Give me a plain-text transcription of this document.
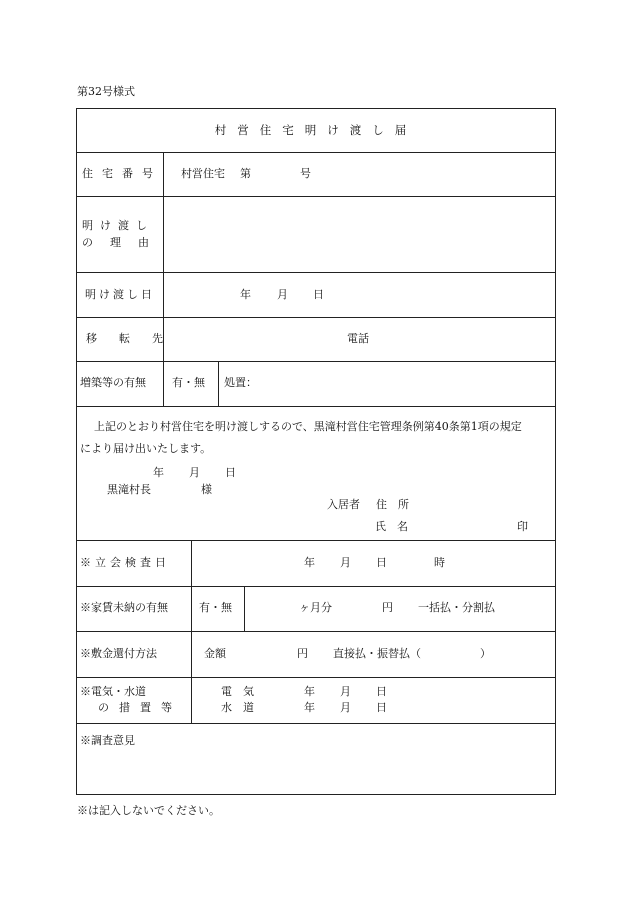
第32号様式
村営住宅明け渡し届
住宅番号 村営住宅 第	号
明け渡し
の理由
明け渡し日	年 月 日
移転先	電話
増築等の有無 有・無 処置：
上記のとおり村営住宅を明け渡しするので、黒滝村営住宅管理条例第40条第1項の規定
により届け出いたします。
年 月 日
黒滝村長	様
入居者 住　所
氏　名	印
※立会検査日	年 月 日	時
※家賃未納の有無	有・無	ヶ月分	円 一括払・分割払
※敷金還付方法	金額	円 直接払・振替払（	）
※電気・水道
の措置等
電　気	年 月 日
水　道	年 月 日
※調査意見
※は記入しないでください。
